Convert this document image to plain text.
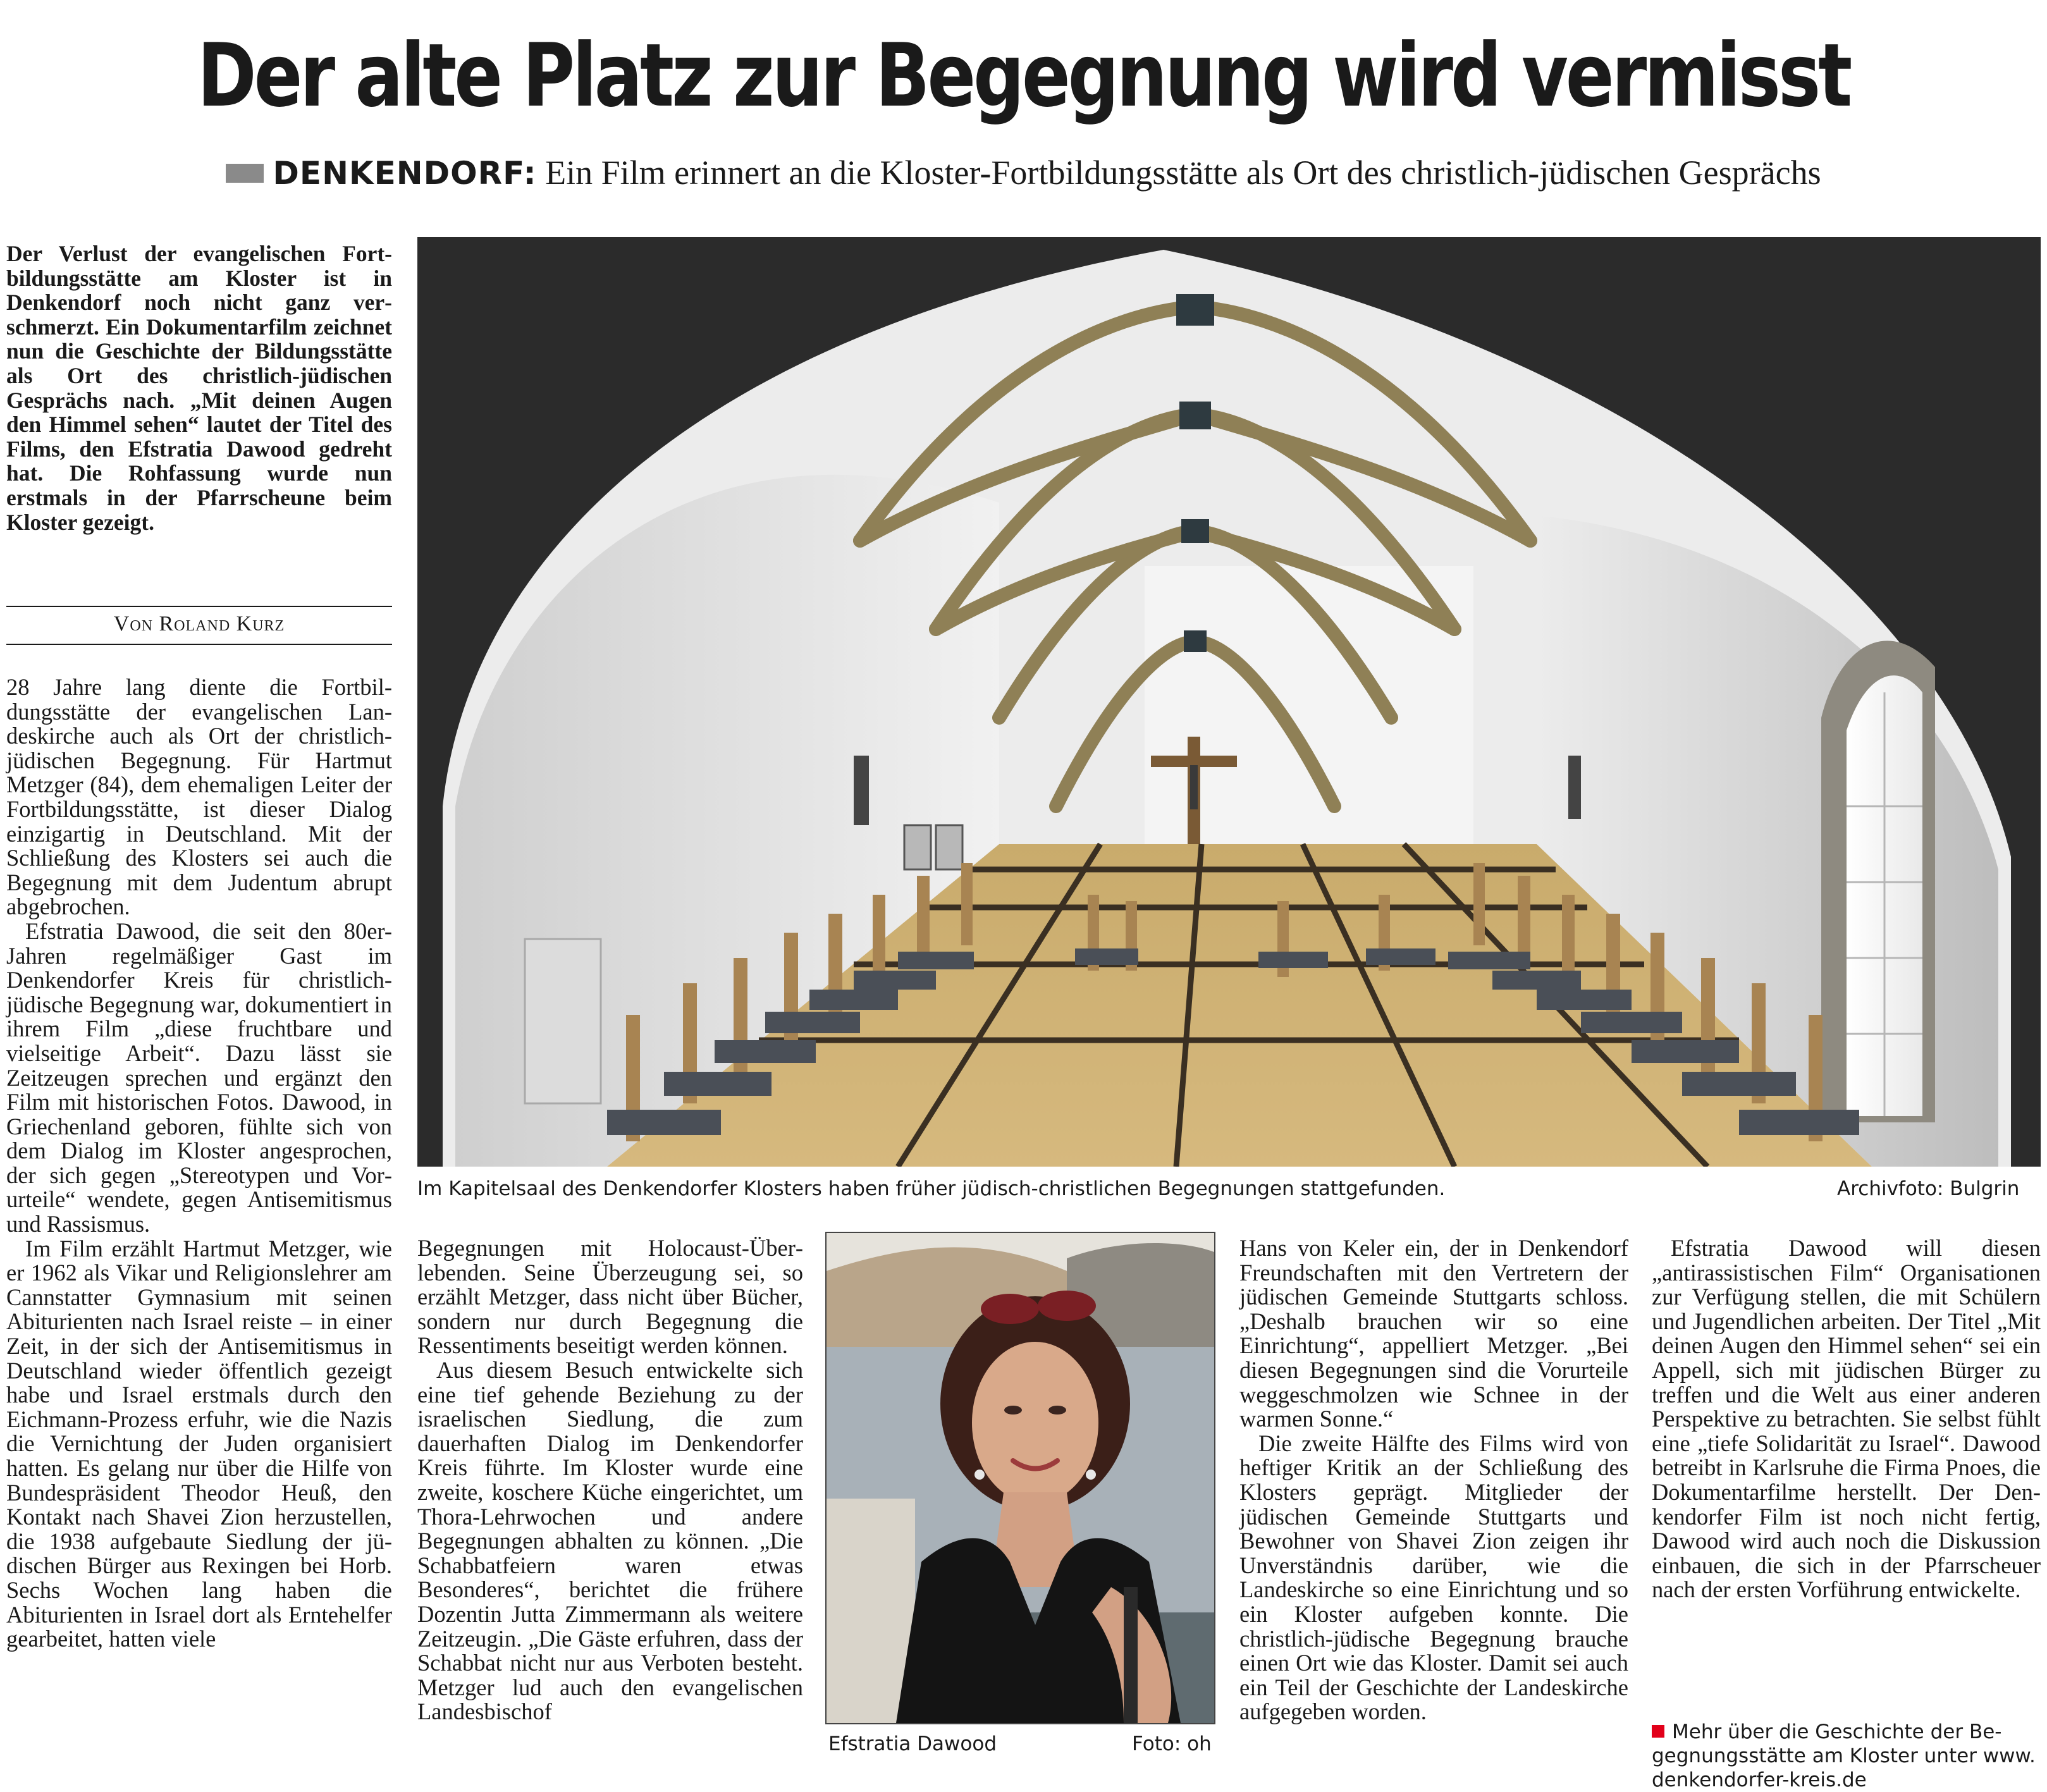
Der alte Platz zur Begegnung wird vermisst
DENKENDORF: Ein Film erinnert an die Kloster-Fortbildungsstätte als Ort des christlich-jüdischen Gesprächs
Der Verlust der evangelischen Fortbildungsstätte am Kloster ist in Denkendorf noch nicht ganz verschmerzt. Ein Dokumentarfilm zeichnet nun die Geschichte der Bildungsstätte als Ort des christlich-jüdischen Gesprächs nach. „Mit deinen Augen den Himmel sehen“ lautet der Titel des Films, den Efstratia Dawood gedreht hat. Die Rohfassung wurde nun erstmals in der Pfarrscheune beim Kloster gezeigt.
Von Roland Kurz

28 Jahre lang diente die Fortbildungsstätte der evangelischen Landeskirche auch als Ort der christlich-jüdischen Begegnung. Für Hartmut Metzger (84), dem ehemaligen Leiter der Fortbildungsstätte, ist dieser Dialog einzigartig in Deutschland. Mit der Schließung des Klosters sei auch die Begegnung mit dem Judentum abrupt abgebrochen.

Efstratia Dawood, die seit den 80er-Jahren regelmäßiger Gast im Denkendorfer Kreis für christlich-jüdische Begegnung war, dokumentiert in ihrem Film „diese fruchtbare und vielseitige Arbeit“. Dazu lässt sie Zeitzeugen sprechen und ergänzt den Film mit historischen Fotos. Dawood, in Griechenland geboren, fühlte sich von dem Dialog im Kloster angesprochen, der sich gegen „Stereotypen und Vorurteile“ wendete, gegen Antisemitismus und Rassismus.

Im Film erzählt Hartmut Metzger, wie er 1962 als Vikar und Religionslehrer am Cannstatter Gymnasium mit seinen Abiturienten nach Israel reiste – in einer Zeit, in der sich der Antisemitismus in Deutschland wieder öffentlich gezeigt habe und Israel erstmals durch den Eichmann-Prozess erfuhr, wie die Nazis die Vernichtung der Juden organisiert hatten. Es gelang nur über die Hilfe von Bundespräsident Theodor Heuß, den Kontakt nach Shavei Zion herzustellen, die 1938 aufgebaute Siedlung der jüdischen Bürger aus Rexingen bei Horb. Sechs Wochen lang haben die Abiturienten in Israel dort als Erntehelfer gearbeitet, hatten viele

Im Kapitelsaal des Denkendorfer Klosters haben früher jüdisch-christlichen Begegnungen stattgefunden.	Archivfoto: Bulgrin

Begegnungen mit Holocaust-Überlebenden. Seine Überzeugung sei, so erzählt Metzger, dass nicht über Bücher, sondern nur durch Begegnung die Ressentiments beseitigt werden können.

Aus diesem Besuch entwickelte sich eine tief gehende Beziehung zu der israelischen Siedlung, die zum dauerhaften Dialog im Denkendorfer Kreis führte. Im Kloster wurde eine zweite, koschere Küche eingerichtet, um Thora-Lehrwochen und andere Begegnungen abhalten zu können. „Die Schabbatfeiern waren etwas Besonderes“, berichtet die frühere Dozentin Jutta Zimmermann als weitere Zeitzeugin. „Die Gäste erfuhren, dass der Schabbat nicht nur aus Verboten besteht. Metzger lud auch den evangelischen Landesbischof

Efstratia Dawood	Foto: oh

Hans von Keler ein, der in Denkendorf Freundschaften mit den Vertretern der jüdischen Gemeinde Stuttgarts schloss. „Deshalb brauchen wir so eine Einrichtung“, appelliert Metzger. „Bei diesen Begegnungen sind die Vorurteile weggeschmolzen wie Schnee in der warmen Sonne.“

Die zweite Hälfte des Films wird von heftiger Kritik an der Schließung des Klosters geprägt. Mitglieder der jüdischen Gemeinde Stuttgarts und Bewohner von Shavei Zion zeigen ihr Unverständnis darüber, wie die Landeskirche so eine Einrichtung und so ein Kloster aufgeben konnte. Die christlich-jüdische Begegnung brauche einen Ort wie das Kloster. Damit sei auch ein Teil der Geschichte der Landeskirche aufgegeben worden.

Efstratia Dawood will diesen „antirassistischen Film“ Organisationen zur Verfügung stellen, die mit Schülern und Jugendlichen arbeiten. Der Titel „Mit deinen Augen den Himmel sehen“ sei ein Appell, sich mit jüdischen Bürger zu treffen und die Welt aus einer anderen Perspektive zu betrachten. Sie selbst fühlt eine „tiefe Solidarität zu Israel“. Dawood betreibt in Karlsruhe die Firma Pnoes, die Dokumentarfilme herstellt. Der Denkendorfer Film ist noch nicht fertig, Dawood wird auch noch die Diskussion einbauen, die sich in der Pfarrscheuer nach der ersten Vorführung entwickelte.

Mehr über die Geschichte der Begegnungsstätte am Kloster unter www. denkendorfer-kreis.de
